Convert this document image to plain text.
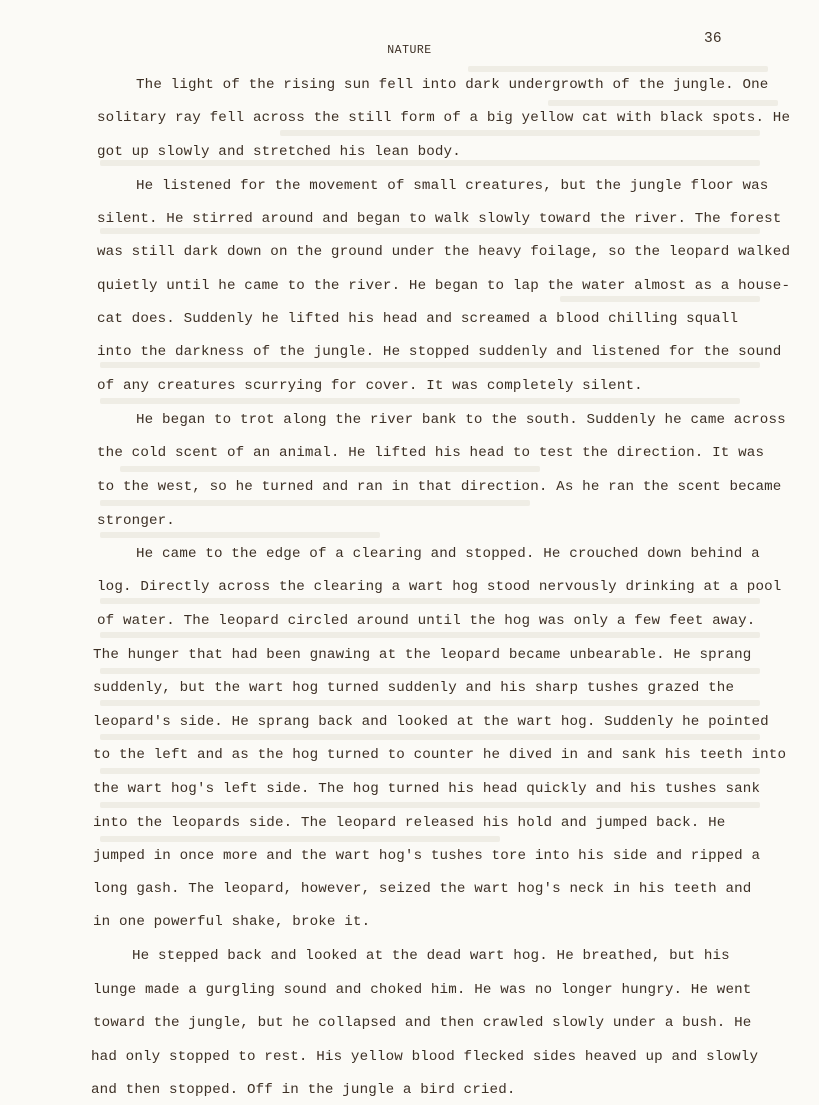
36
NATURE
The light of the rising sun fell into dark undergrowth of the jungle. One
solitary ray fell across the still form of a big yellow cat with black spots. He
got up slowly and stretched his lean body.
He listened for the movement of small creatures, but the jungle floor was
silent. He stirred around and began to walk slowly toward the river. The forest
was still dark down on the ground under the heavy foilage, so the leopard walked
quietly until he came to the river. He began to lap the water almost as a house-
cat does. Suddenly he lifted his head and screamed a blood chilling squall
into the darkness of the jungle. He stopped suddenly and listened for the sound
of any creatures scurrying for cover. It was completely silent.
He began to trot along the river bank to the south. Suddenly he came across
the cold scent of an animal. He lifted his head to test the direction. It was
to the west, so he turned and ran in that direction. As he ran the scent became
stronger.
He came to the edge of a clearing and stopped. He crouched down behind a
log. Directly across the clearing a wart hog stood nervously drinking at a pool
of water. The leopard circled around until the hog was only a few feet away.
The hunger that had been gnawing at the leopard became unbearable. He sprang
suddenly, but the wart hog turned suddenly and his sharp tushes grazed the
leopard's side. He sprang back and looked at the wart hog. Suddenly he pointed
to the left and as the hog turned to counter he dived in and sank his teeth into
the wart hog's left side. The hog turned his head quickly and his tushes sank
into the leopards side. The leopard released his hold and jumped back. He
jumped in once more and the wart hog's tushes tore into his side and ripped a
long gash. The leopard, however, seized the wart hog's neck in his teeth and
in one powerful shake, broke it.
He stepped back and looked at the dead wart hog. He breathed, but his
lunge made a gurgling sound and choked him. He was no longer hungry. He went
toward the jungle, but he collapsed and then crawled slowly under a bush. He
had only stopped to rest. His yellow blood flecked sides heaved up and slowly
and then stopped. Off in the jungle a bird cried.
